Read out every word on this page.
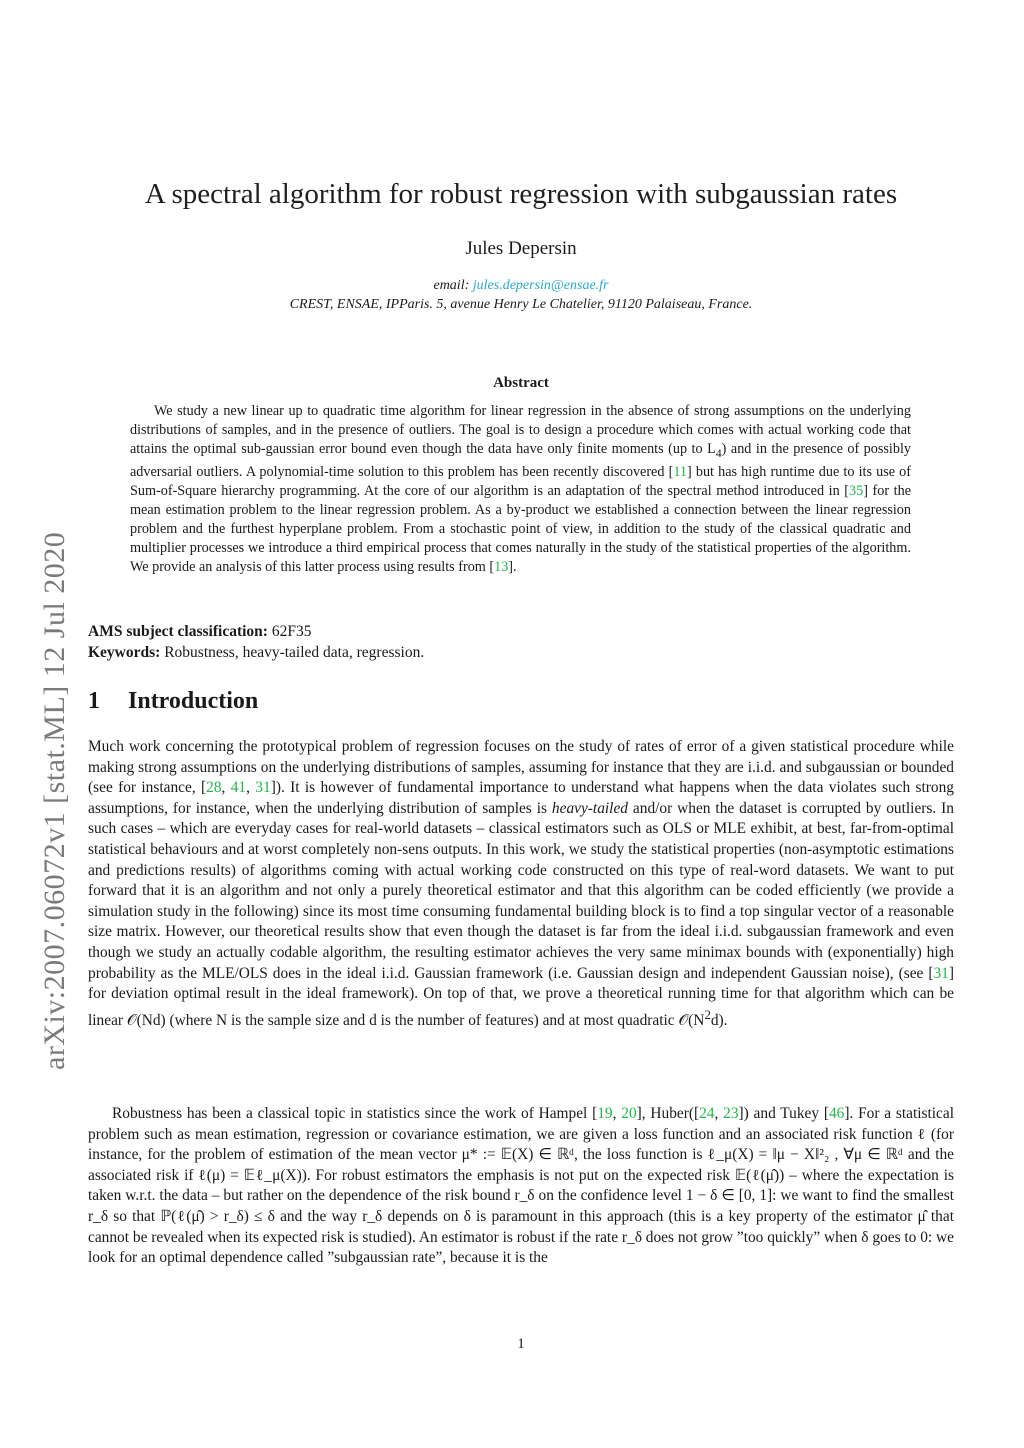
arXiv:2007.06072v1 [stat.ML] 12 Jul 2020
A spectral algorithm for robust regression with subgaussian rates
Jules Depersin
email: jules.depersin@ensae.fr
CREST, ENSAE, IPParis. 5, avenue Henry Le Chatelier, 91120 Palaiseau, France.
Abstract

We study a new linear up to quadratic time algorithm for linear regression in the absence of strong assumptions on the underlying distributions of samples, and in the presence of outliers. The goal is to design a procedure which comes with actual working code that attains the optimal sub-gaussian error bound even though the data have only finite moments (up to $L_4$) and in the presence of possibly adversarial outliers. A polynomial-time solution to this problem has been recently discovered [11] but has high runtime due to its use of Sum-of-Square hierarchy programming. At the core of our algorithm is an adaptation of the spectral method introduced in [35] for the mean estimation problem to the linear regression problem. As a by-product we established a connection between the linear regression problem and the furthest hyperplane problem. From a stochastic point of view, in addition to the study of the classical quadratic and multiplier processes we introduce a third empirical process that comes naturally in the study of the statistical properties of the algorithm. We provide an analysis of this latter process using results from [13].

AMS subject classification: 62F35
Keywords: Robustness, heavy-tailed data, regression.
1 Introduction

Much work concerning the prototypical problem of regression focuses on the study of rates of error of a given statistical procedure while making strong assumptions on the underlying distributions of samples, assuming for instance that they are i.i.d. and subgaussian or bounded (see for instance, [28, 41, 31]). It is however of fundamental importance to understand what happens when the data violates such strong assumptions, for instance, when the underlying distribution of samples is heavy-tailed and/or when the dataset is corrupted by outliers. In such cases – which are everyday cases for real-world datasets – classical estimators such as OLS or MLE exhibit, at best, far-from-optimal statistical behaviours and at worst completely non-sens outputs. In this work, we study the statistical properties (non-asymptotic estimations and predictions results) of algorithms coming with actual working code constructed on this type of real-word datasets. We want to put forward that it is an algorithm and not only a purely theoretical estimator and that this algorithm can be coded efficiently (we provide a simulation study in the following) since its most time consuming fundamental building block is to find a top singular vector of a reasonable size matrix. However, our theoretical results show that even though the dataset is far from the ideal i.i.d. subgaussian framework and even though we study an actually codable algorithm, the resulting estimator achieves the very same minimax bounds with (exponentially) high probability as the MLE/OLS does in the ideal i.i.d. Gaussian framework (i.e. Gaussian design and independent Gaussian noise), (see [31] for deviation optimal result in the ideal framework). On top of that, we prove a theoretical running time for that algorithm which can be linear 𝒪(Nd) (where N is the sample size and d is the number of features) and at most quadratic $𝒪(N^2d)$.

Robustness has been a classical topic in statistics since the work of Hampel [19, 20], Huber([24, 23]) and Tukey [46]. For a statistical problem such as mean estimation, regression or covariance estimation, we are given a loss function and an associated risk function ℓ (for instance, for the problem of estimation of the mean vector μ* := 𝔼(X) ∈ ℝᵈ, the loss function is ℓ_μ(X) = ‖μ − X‖²₂ , ∀μ ∈ ℝᵈ and the associated risk if ℓ(μ) = 𝔼ℓ_μ(X)). For robust estimators the emphasis is not put on the expected risk 𝔼(ℓ(μ̂)) – where the expectation is taken w.r.t. the data – but rather on the dependence of the risk bound r_δ on the confidence level 1 − δ ∈ [0, 1]: we want to find the smallest r_δ so that ℙ(ℓ(μ̂) > r_δ) ≤ δ and the way r_δ depends on δ is paramount in this approach (this is a key property of the estimator μ̂ that cannot be revealed when its expected risk is studied). An estimator is robust if the rate r_δ does not grow ”too quickly” when δ goes to 0: we look for an optimal dependence called ”subgaussian rate”, because it is the

1
